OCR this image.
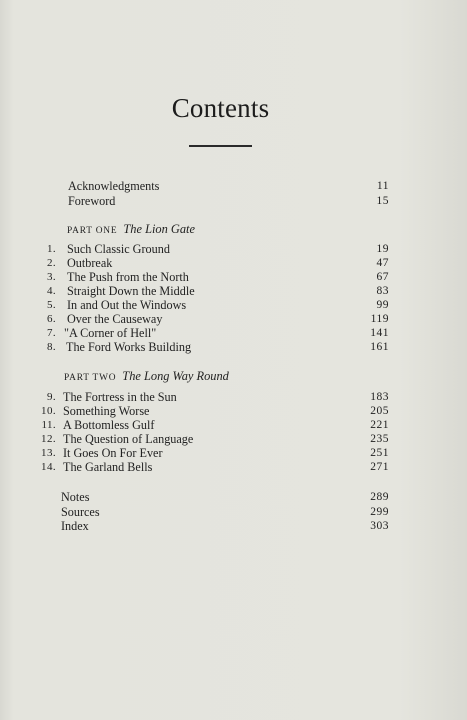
Contents
Acknowledgments	11
Foreword	15
PART ONE The Lion Gate
1. Such Classic Ground	19
2. Outbreak	47
3. The Push from the North	67
4. Straight Down the Middle	83
5. In and Out the Windows	99
6. Over the Causeway	119
7. "A Corner of Hell"	141
8. The Ford Works Building	161
PART TWO The Long Way Round
9. The Fortress in the Sun	183
10. Something Worse	205
11. A Bottomless Gulf	221
12. The Question of Language	235
13. It Goes On For Ever	251
14. The Garland Bells	271
Notes	289
Sources	299
Index	303
